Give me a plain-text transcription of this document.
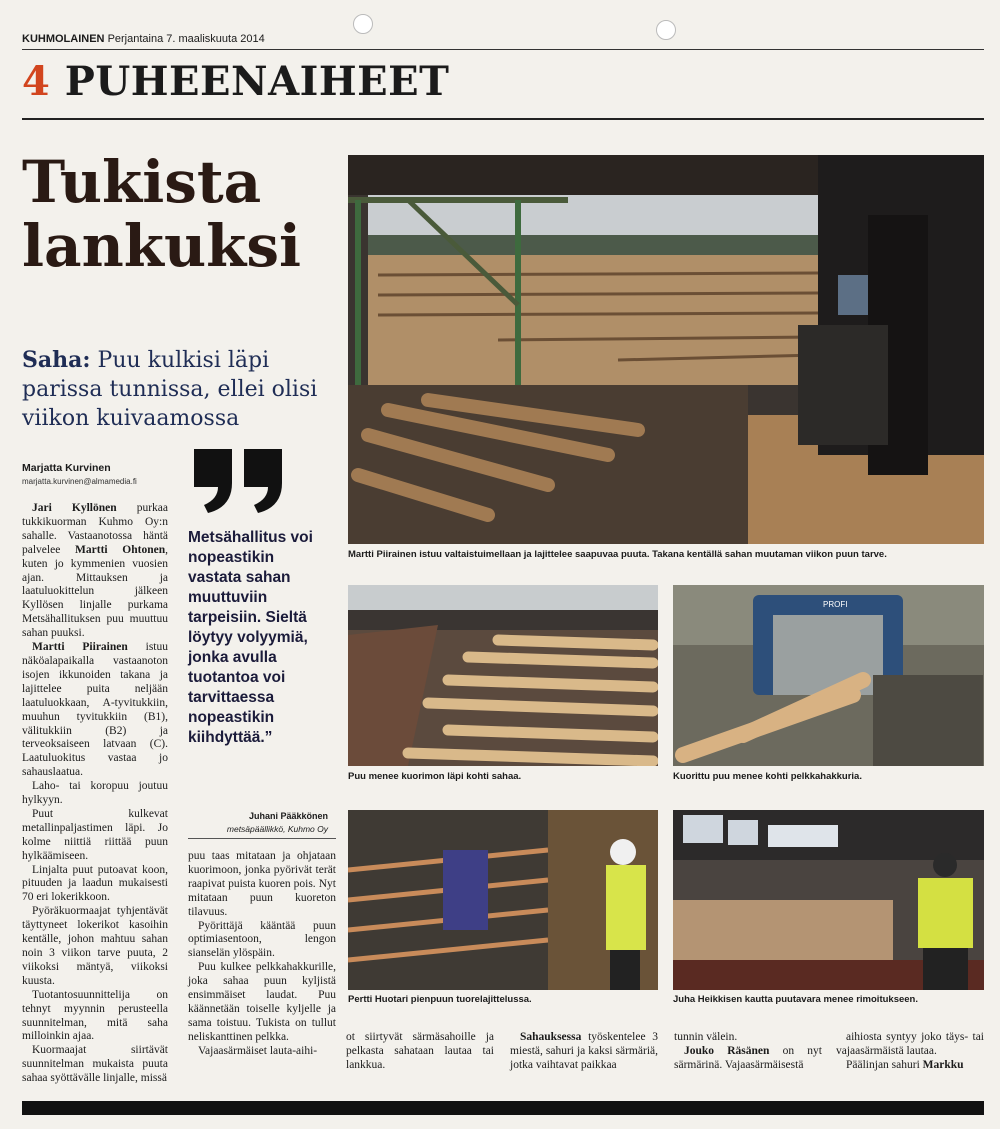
KUHMOLAINEN Perjantaina 7. maaliskuuta 2014
4 PUHEENAIHEET
Tukista
lankuksi
Saha: Puu kulkisi läpi parissa tunnissa, ellei olisi viikon kuivaamossa
Marjatta Kurvinen
marjatta.kurvinen@almamedia.fi

Jari Kyllönen purkaa tukkikuorman Kuhmo Oy:n sahalle. Vastaanotossa häntä palvelee Martti Ohtonen, kuten jo kymmenien vuosien ajan. Mittauksen ja laatuluokittelun jälkeen Kyllösen linjalle purkama Metsähallituksen puu muuttuu sahan puuksi.

Martti Piirainen istuu näköalapaikalla vastaanoton isojen ikkunoiden takana ja lajittelee puita neljään laatuluokkaan, A-tyvitukkiin, muuhun tyvitukkiin (B1), välitukkiin (B2) ja terveoksaiseen latvaan (C). Laatuluokitus vastaa jo sahauslaatua.

Laho- tai koropuu joutuu hylkyyn.

Puut kulkevat metallinpaljastimen läpi. Jo kolme niittiä riittää puun hylkäämiseen.

Linjalta puut putoavat koon, pituuden ja laadun mukaisesti 70 eri lokerikkoon.

Pyöräkuormaajat tyhjentävät täyttyneet lokerikot kasoihin kentälle, johon mahtuu sahan noin 3 viikon tarve puuta, 2 viikoksi mäntyä, viikoksi kuusta.

Tuotantosuunnittelija on tehnyt myynnin perusteella suunnitelman, mitä saha milloinkin ajaa.

Kuormaajat siirtävät suunnitelman mukaista puuta sahaa syöttävälle linjalle, missä

Metsähallitus voi nopeastikin vastata sahan muuttuviin tarpeisiin. Sieltä löytyy volyymiä, jonka avulla tuotantoa voi tarvittaessa nopeastikin kiihdyttää.”
Juhani Pääkkönen
metsäpäällikkö, Kuhmo Oy

puu taas mitataan ja ohjataan kuorimoon, jonka pyörivät terät raapivat puista kuoren pois. Nyt mitataan puun kuoreton tilavuus.

Pyörittäjä kääntää puun optimiasentoon, lengon sianselän ylöspäin.

Puu kulkee pelkkahakkurille, joka sahaa puun kyljistä ensimmäiset laudat. Puu käännetään toiselle kyljelle ja sama toistuu. Tukista on tullut neliskanttinen pelkka.

Vajaasärmäiset lauta-aihi-

Martti Piirainen istuu valtaistuimellaan ja lajittelee saapuvaa puuta. Takana kentällä sahan muutaman viikon puun tarve.
Puu menee kuorimon läpi kohti sahaa.
PROFI
Kuorittu puu menee kohti pelkkahakkuria.
Pertti Huotari pienpuun tuorelajittelussa.	Juha Heikkisen kautta puutavara menee rimoitukseen.

ot siirtyvät särmäsahoille ja pelkasta sahataan lautaa tai lankkua.

Sahauksessa työskentelee 3 miestä, sahuri ja kaksi särmäriä, jotka vaihtavat paikkaa

tunnin välein.

Jouko Räsänen on nyt särmärinä. Vajaasärmäisestä

aihiosta syntyy joko täys- tai vajaasärmäistä lautaa.

Päälinjan sahuri Markku
